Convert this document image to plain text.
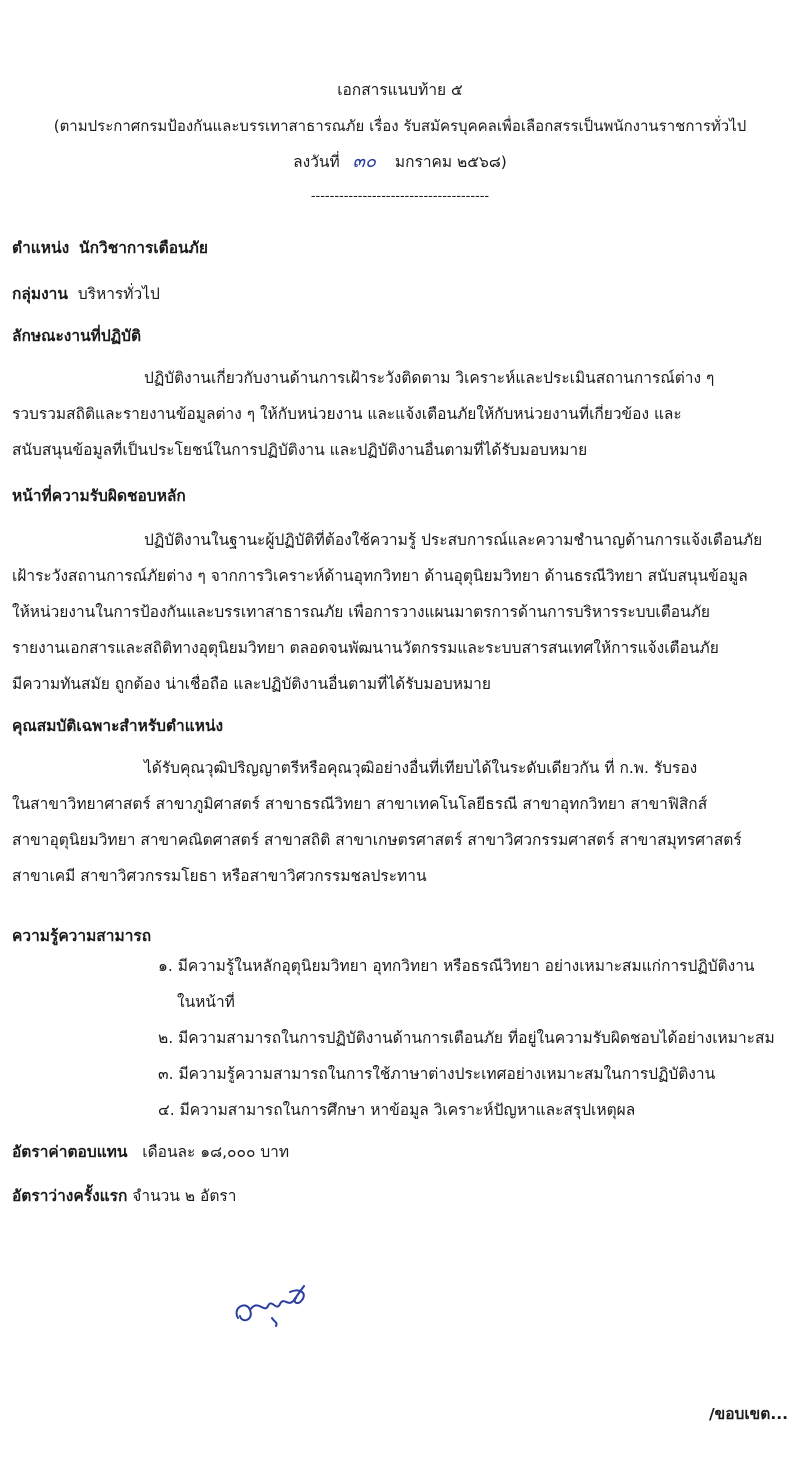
เอกสารแนบท้าย ๕
(ตามประกาศกรมป้องกันและบรรเทาสาธารณภัย เรื่อง รับสมัครบุคคลเพื่อเลือกสรรเป็นพนักงานราชการทั่วไป
ลงวันที่ ๓๐ มกราคม ๒๕๖๘)
--------------------------------------
ตำแหน่ง นักวิชาการเตือนภัย
กลุ่มงาน บริหารทั่วไป
ลักษณะงานที่ปฏิบัติ
ปฏิบัติงานเกี่ยวกับงานด้านการเฝ้าระวังติดตาม วิเคราะห์และประเมินสถานการณ์ต่าง ๆ
รวบรวมสถิติและรายงานข้อมูลต่าง ๆ ให้กับหน่วยงาน และแจ้งเตือนภัยให้กับหน่วยงานที่เกี่ยวข้อง และ
สนับสนุนข้อมูลที่เป็นประโยชน์ในการปฏิบัติงาน และปฏิบัติงานอื่นตามที่ได้รับมอบหมาย
หน้าที่ความรับผิดชอบหลัก
ปฏิบัติงานในฐานะผู้ปฏิบัติที่ต้องใช้ความรู้ ประสบการณ์และความชำนาญด้านการแจ้งเตือนภัย
เฝ้าระวังสถานการณ์ภัยต่าง ๆ จากการวิเคราะห์ด้านอุทกวิทยา ด้านอุตุนิยมวิทยา ด้านธรณีวิทยา สนับสนุนข้อมูล
ให้หน่วยงานในการป้องกันและบรรเทาสาธารณภัย เพื่อการวางแผนมาตรการด้านการบริหารระบบเตือนภัย
รายงานเอกสารและสถิติทางอุตุนิยมวิทยา ตลอดจนพัฒนานวัตกรรมและระบบสารสนเทศให้การแจ้งเตือนภัย
มีความทันสมัย ถูกต้อง น่าเชื่อถือ และปฏิบัติงานอื่นตามที่ได้รับมอบหมาย
คุณสมบัติเฉพาะสำหรับตำแหน่ง
ได้รับคุณวุฒิปริญญาตรีหรือคุณวุฒิอย่างอื่นที่เทียบได้ในระดับเดียวกัน ที่ ก.พ. รับรอง
ในสาขาวิทยาศาสตร์ สาขาภูมิศาสตร์ สาขาธรณีวิทยา สาขาเทคโนโลยีธรณี สาขาอุทกวิทยา สาขาฟิสิกส์
สาขาอุตุนิยมวิทยา สาขาคณิตศาสตร์ สาขาสถิติ สาขาเกษตรศาสตร์ สาขาวิศวกรรมศาสตร์ สาขาสมุทรศาสตร์
สาขาเคมี สาขาวิศวกรรมโยธา หรือสาขาวิศวกรรมชลประทาน
ความรู้ความสามารถ
๑. มีความรู้ในหลักอุตุนิยมวิทยา อุทกวิทยา หรือธรณีวิทยา อย่างเหมาะสมแก่การปฏิบัติงาน
ในหน้าที่
๒. มีความสามารถในการปฏิบัติงานด้านการเตือนภัย ที่อยู่ในความรับผิดชอบได้อย่างเหมาะสม
๓. มีความรู้ความสามารถในการใช้ภาษาต่างประเทศอย่างเหมาะสมในการปฏิบัติงาน
๔. มีความสามารถในการศึกษา หาข้อมูล วิเคราะห์ปัญหาและสรุปเหตุผล
อัตราค่าตอบแทน เดือนละ ๑๘,๐๐๐ บาท
อัตราว่างครั้งแรก จำนวน ๒ อัตรา
/ขอบเขต...
